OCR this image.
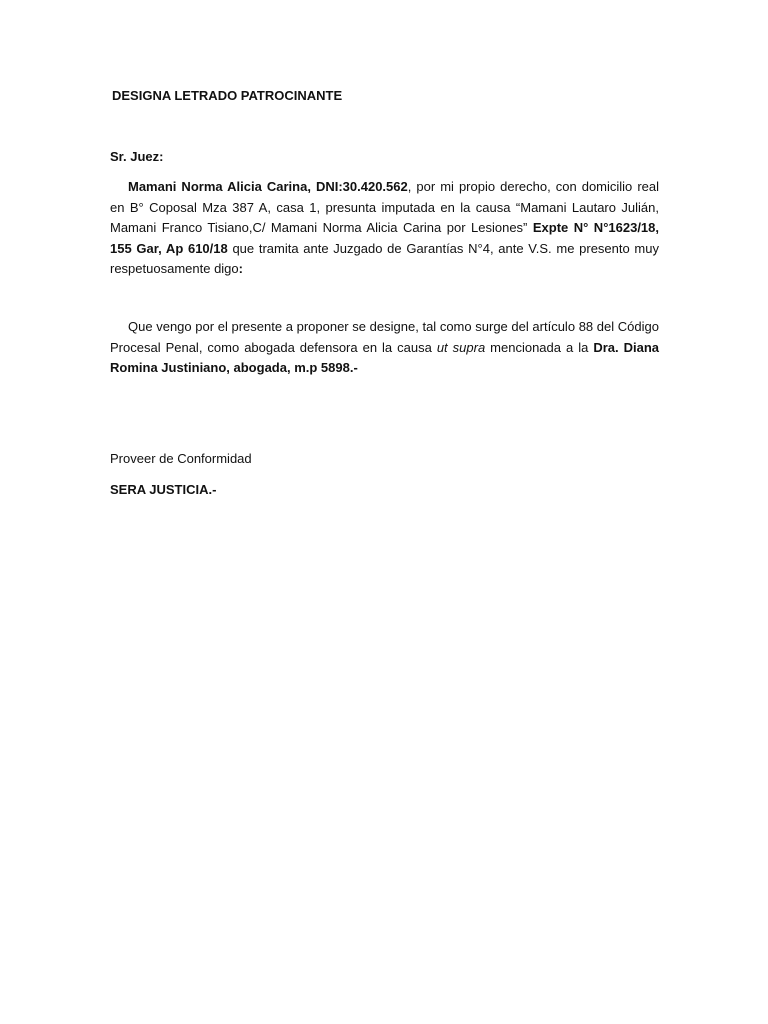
DESIGNA LETRADO PATROCINANTE
Sr. Juez:
Mamani Norma Alicia Carina, DNI:30.420.562, por mi propio derecho, con domicilio real en B° Coposal Mza 387 A, casa 1, presunta imputada en la causa “Mamani Lautaro Julián, Mamani Franco Tisiano,C/ Mamani Norma Alicia Carina por Lesiones” Expte N° N°1623/18, 155 Gar, Ap 610/18 que tramita ante Juzgado de Garantías N°4, ante V.S. me presento muy respetuosamente digo:
Que vengo por el presente a proponer se designe, tal como surge del artículo 88 del Código Procesal Penal, como abogada defensora en la causa ut supra mencionada a la Dra. Diana Romina Justiniano, abogada, m.p 5898.-
Proveer de Conformidad
SERA JUSTICIA.-
